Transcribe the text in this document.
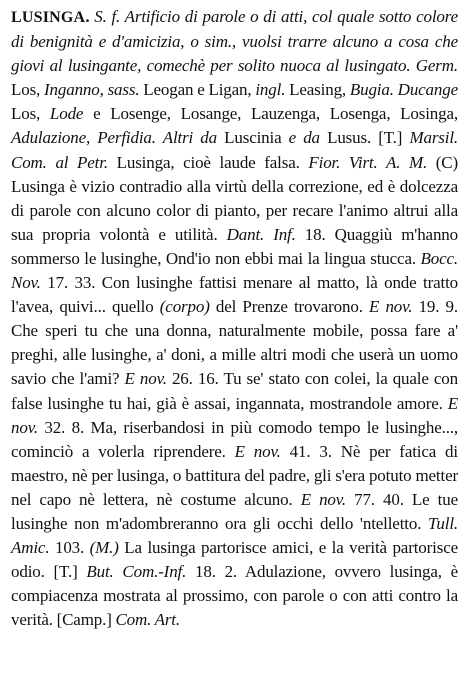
LUSINGA. S. f. Artificio di parole o di atti, col quale sotto colore di benignità e d'amicizia, o sim., vuolsi trarre alcuno a cosa che giovi al lusingante, comechè per solito nuoca al lusingato. Germ. Los, Inganno, sass. Leogan e Ligan, ingl. Leasing, Bugia. Ducange Los, Lode e Losenge, Losange, Lauzenga, Losenga, Losinga, Adulazione, Perfidia. Altri da Luscinia e da Lusus. [T.] Marsil. Com. al Petr. Lusinga, cioè laude falsa. Fior. Virt. A. M. (C) Lusinga è vizio contradio alla virtù della correzione, ed è dolcezza di parole con alcuno color di pianto, per recare l'animo altrui alla sua propria volontà e utilità. Dant. Inf. 18. Quaggiù m'hanno sommerso le lusinghe, Ond'io non ebbi mai la lingua stucca. Bocc. Nov. 17. 33. Con lusinghe fattisi menare al matto, là onde tratto l'avea, quivi... quello (corpo) del Prenze trovarono. E nov. 19. 9. Che speri tu che una donna, naturalmente mobile, possa fare a' preghi, alle lusinghe, a' doni, a mille altri modi che userà un uomo savio che l'ami? E nov. 26. 16. Tu se' stato con colei, la quale con false lusinghe tu hai, già è assai, ingannata, mostrandole amore. E nov. 32. 8. Ma, riserbandosi in più comodo tempo le lusinghe..., cominciò a volerla riprendere. E nov. 41. 3. Nè per fatica di maestro, nè per lusinga, o battitura del padre, gli s'era potuto metter nel capo nè lettera, nè costume alcuno. E nov. 77. 40. Le tue lusinghe non m'adombreranno ora gli occhi dello 'ntelletto. Tull. Amic. 103. (M.) La lusinga partorisce amici, e la verità partorisce odio. [T.] But. Com.-Inf. 18. 2. Adulazione, ovvero lusinga, è compiacenza mostrata al prossimo, con parole o con atti contro la verità. [Camp.] Com. Art.
